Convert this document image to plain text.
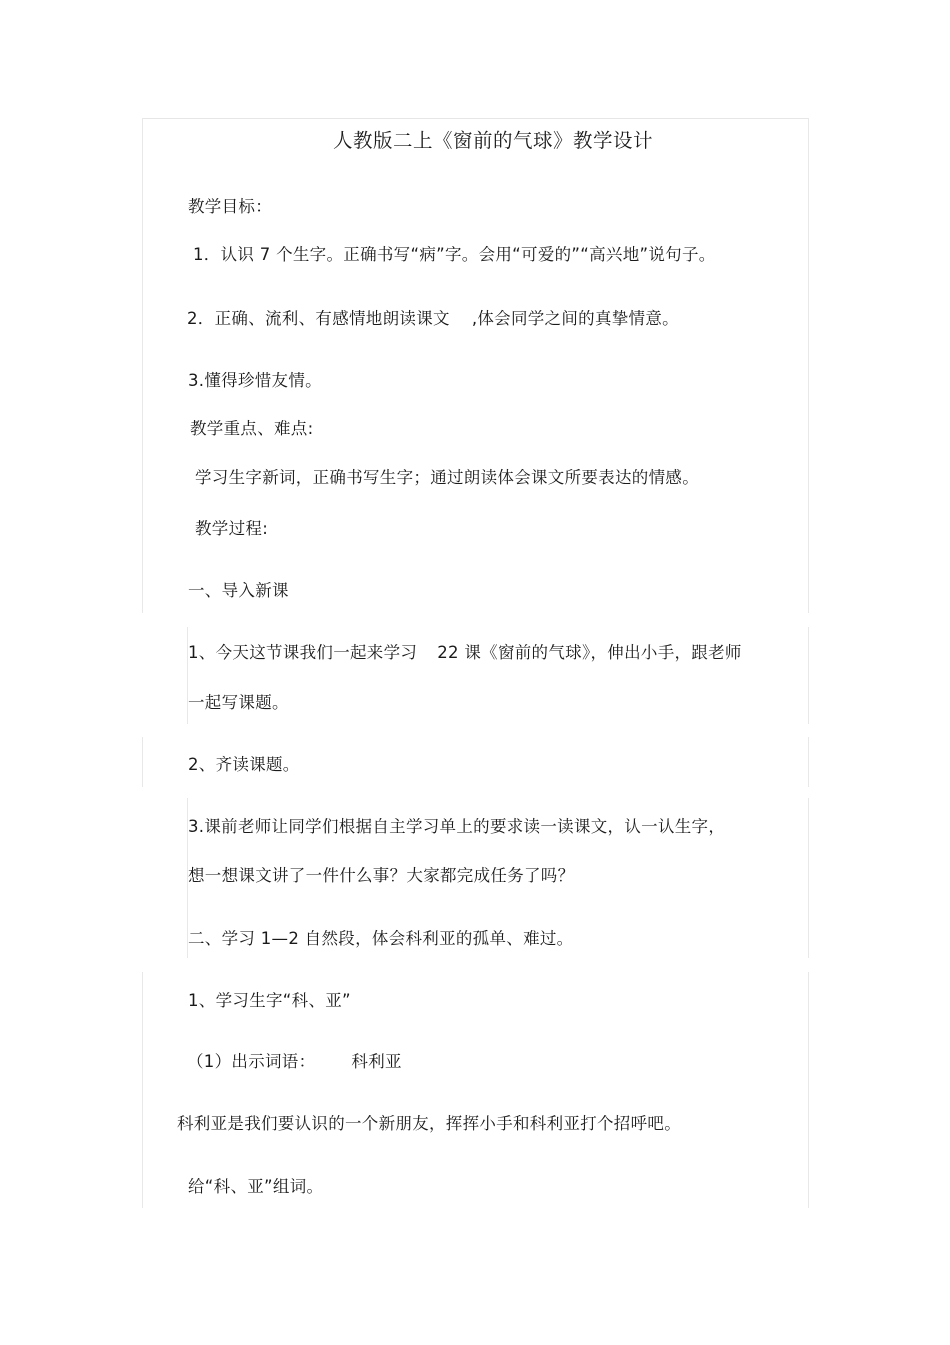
人教版二上《窗前的气球》教学设计
教学目标：
1．认识 7 个生字。正确书写“病”字。会用“可爱的”“高兴地”说句子。
2．正确、流利、有感情地朗读课文 ,体会同学之间的真挚情意。
3.懂得珍惜友情。
教学重点、难点:
学习生字新词，正确书写生字；通过朗读体会课文所要表达的情感。
教学过程:
一、导入新课
1、今天这节课我们一起来学习 22 课《窗前的气球》，伸出小手，跟老师
一起写课题。
2、齐读课题。
3.课前老师让同学们根据自主学习单上的要求读一读课文，认一认生字，
想一想课文讲了一件什么事？大家都完成任务了吗？
二、学习 1—2 自然段，体会科利亚的孤单、难过。
1、学习生字“科、亚”
（1）出示词语： 科利亚
科利亚是我们要认识的一个新朋友，挥挥小手和科利亚打个招呼吧。
给“科、亚”组词。
